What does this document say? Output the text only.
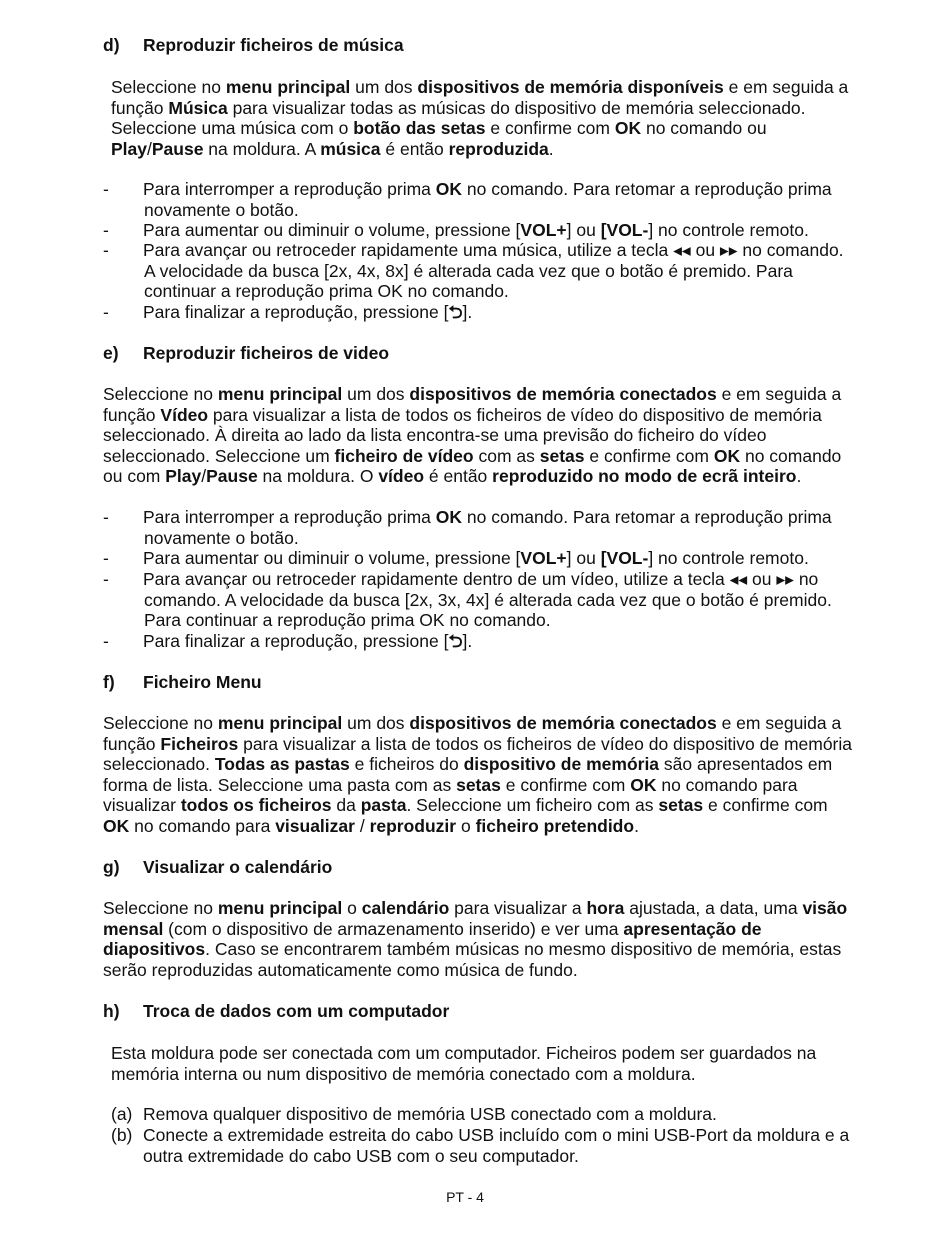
d) Reproduzir ficheiros de música
Seleccione no menu principal um dos dispositivos de memória disponíveis e em seguida a
função Música para visualizar todas as músicas do dispositivo de memória seleccionado.
Seleccione uma música com o botão das setas e confirme com OK no comando ou
Play/Pause na moldura. A música é então reproduzida.
- Para interromper a reprodução prima OK no comando. Para retomar a reprodução prima
novamente o botão.
- Para aumentar ou diminuir o volume, pressione [VOL+] ou [VOL-] no controle remoto.
- Para avançar ou retroceder rapidamente uma música, utilize a tecla ◂◂ ou ▸▸ no comando.
A velocidade da busca [2x, 4x, 8x] é alterada cada vez que o botão é premido. Para
continuar a reprodução prima OK no comando.
- Para finalizar a reprodução, pressione [⮌].
e) Reproduzir ficheiros de video
Seleccione no menu principal um dos dispositivos de memória conectados e em seguida a
função Vídeo para visualizar a lista de todos os ficheiros de vídeo do dispositivo de memória
seleccionado. À direita ao lado da lista encontra-se uma previsão do ficheiro do vídeo
seleccionado. Seleccione um ficheiro de vídeo com as setas e confirme com OK no comando
ou com Play/Pause na moldura. O vídeo é então reproduzido no modo de ecrã inteiro.
- Para interromper a reprodução prima OK no comando. Para retomar a reprodução prima
novamente o botão.
- Para aumentar ou diminuir o volume, pressione [VOL+] ou [VOL-] no controle remoto.
- Para avançar ou retroceder rapidamente dentro de um vídeo, utilize a tecla ◂◂ ou ▸▸ no
comando. A velocidade da busca [2x, 3x, 4x] é alterada cada vez que o botão é premido.
Para continuar a reprodução prima OK no comando.
- Para finalizar a reprodução, pressione [⮌].
f) Ficheiro Menu
Seleccione no menu principal um dos dispositivos de memória conectados e em seguida a
função Ficheiros para visualizar a lista de todos os ficheiros de vídeo do dispositivo de memória
seleccionado. Todas as pastas e ficheiros do dispositivo de memória são apresentados em
forma de lista. Seleccione uma pasta com as setas e confirme com OK no comando para
visualizar todos os ficheiros da pasta. Seleccione um ficheiro com as setas e confirme com
OK no comando para visualizar / reproduzir o ficheiro pretendido.
g) Visualizar o calendário
Seleccione no menu principal o calendário para visualizar a hora ajustada, a data, uma visão
mensal (com o dispositivo de armazenamento inserido) e ver uma apresentação de
diapositivos. Caso se encontrarem também músicas no mesmo dispositivo de memória, estas
serão reproduzidas automaticamente como música de fundo.
h) Troca de dados com um computador
Esta moldura pode ser conectada com um computador. Ficheiros podem ser guardados na
memória interna ou num dispositivo de memória conectado com a moldura.
(a) Remova qualquer dispositivo de memória USB conectado com a moldura.
(b) Conecte a extremidade estreita do cabo USB incluído com o mini USB-Port da moldura e a
outra extremidade do cabo USB com o seu computador.
PT - 4
